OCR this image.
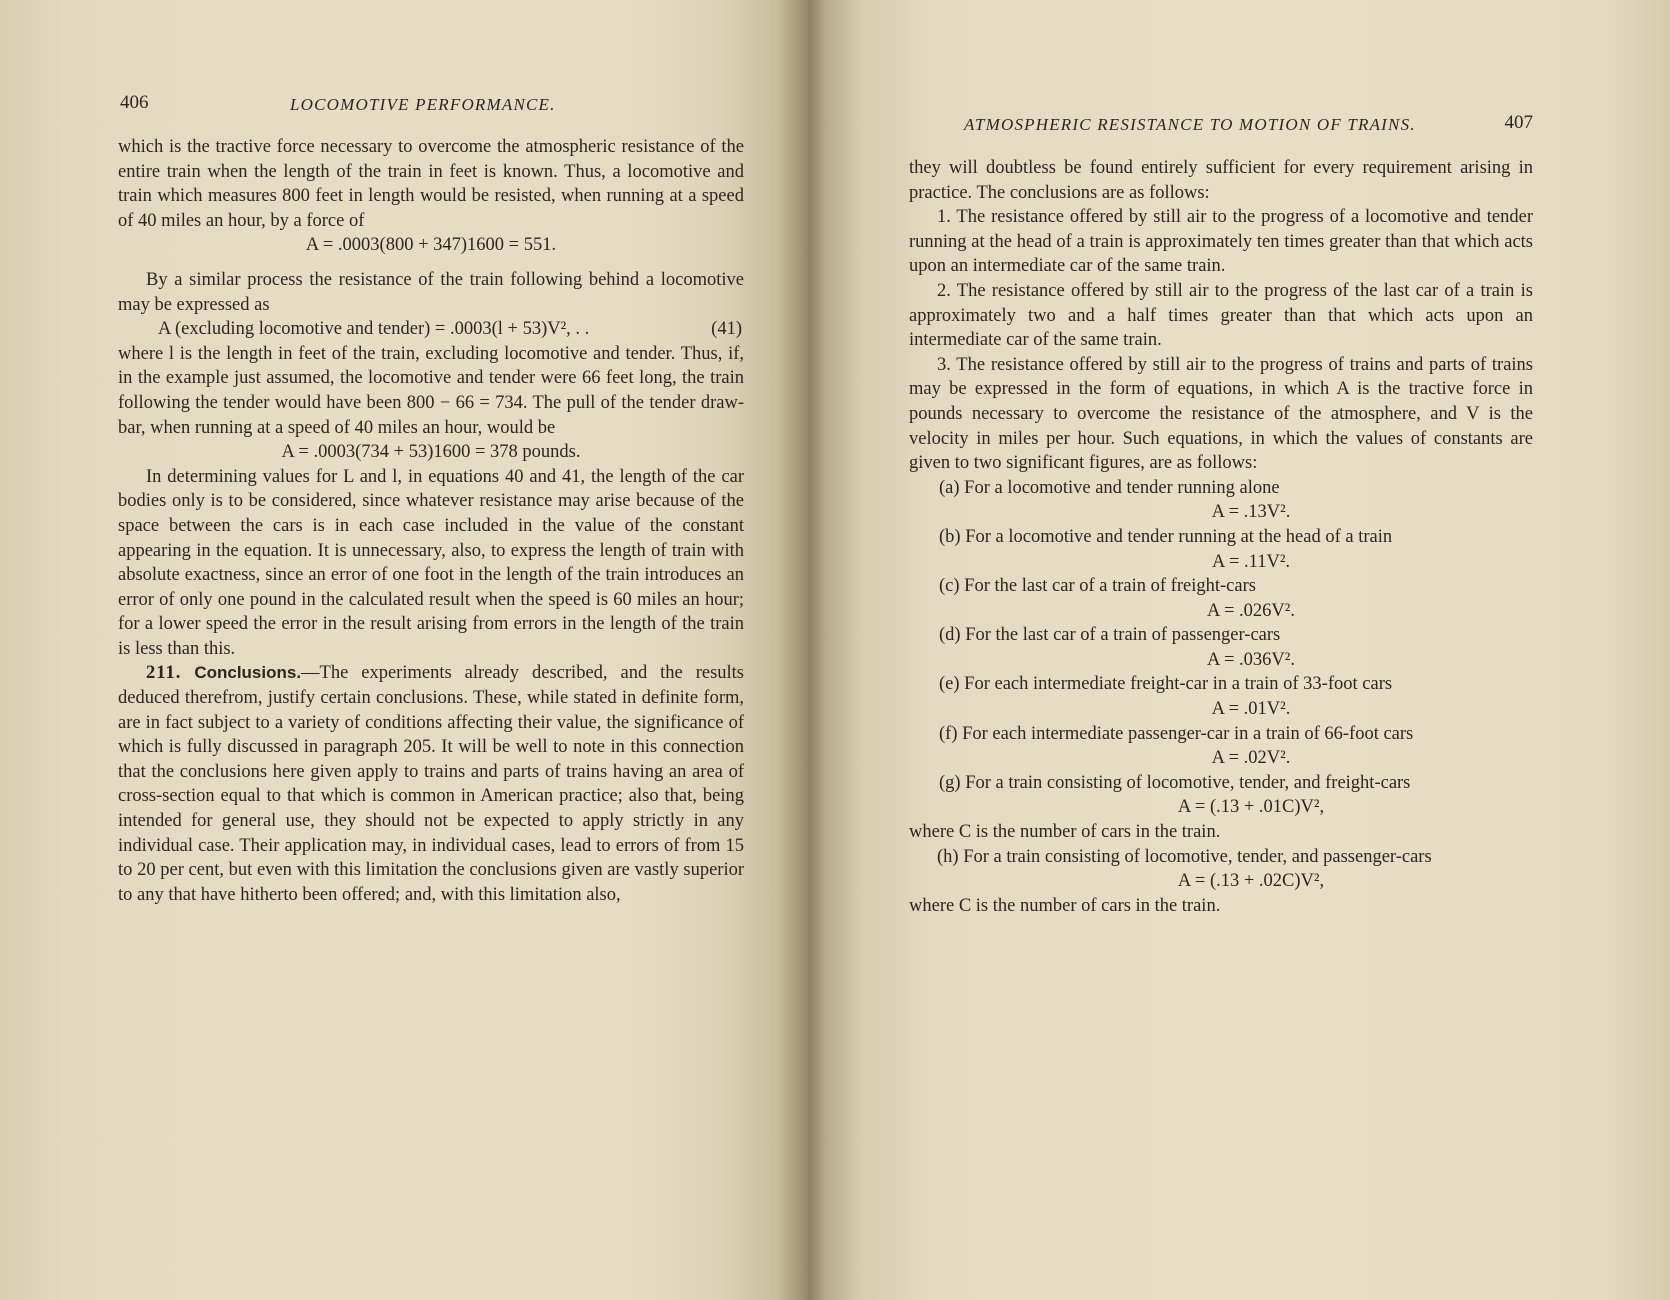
406	LOCOMOTIVE PERFORMANCE.

which is the tractive force necessary to overcome the atmospheric resistance of the entire train when the length of the train in feet is known. Thus, a locomotive and train which measures 800 feet in length would be resisted, when running at a speed of 40 miles an hour, by a force of

A = .0003(800 + 347)1600 = 551.

By a similar process the resistance of the train following behind a locomotive may be expressed as

A (excluding locomotive and tender) = .0003(l + 53)V², . .	(41)

where l is the length in feet of the train, excluding locomotive and tender. Thus, if, in the example just assumed, the locomotive and tender were 66 feet long, the train following the tender would have been 800 − 66 = 734. The pull of the tender draw-bar, when running at a speed of 40 miles an hour, would be

A = .0003(734 + 53)1600 = 378 pounds.

In determining values for L and l, in equations 40 and 41, the length of the car bodies only is to be considered, since whatever resistance may arise because of the space between the cars is in each case included in the value of the constant appearing in the equation. It is unnecessary, also, to express the length of train with absolute exactness, since an error of one foot in the length of the train introduces an error of only one pound in the calculated result when the speed is 60 miles an hour; for a lower speed the error in the result arising from errors in the length of the train is less than this.

211. Conclusions.—The experiments already described, and the results deduced therefrom, justify certain conclusions. These, while stated in definite form, are in fact subject to a variety of conditions affecting their value, the significance of which is fully discussed in paragraph 205. It will be well to note in this connection that the conclusions here given apply to trains and parts of trains having an area of cross-section equal to that which is common in American practice; also that, being intended for general use, they should not be expected to apply strictly in any individual case. Their application may, in individual cases, lead to errors of from 15 to 20 per cent, but even with this limitation the conclusions given are vastly superior to any that have hitherto been offered; and, with this limitation also,

ATMOSPHERIC RESISTANCE TO MOTION OF TRAINS.	407

they will doubtless be found entirely sufficient for every requirement arising in practice. The conclusions are as follows:

1. The resistance offered by still air to the progress of a locomotive and tender running at the head of a train is approximately ten times greater than that which acts upon an intermediate car of the same train.

2. The resistance offered by still air to the progress of the last car of a train is approximately two and a half times greater than that which acts upon an intermediate car of the same train.

3. The resistance offered by still air to the progress of trains and parts of trains may be expressed in the form of equations, in which A is the tractive force in pounds necessary to overcome the resistance of the atmosphere, and V is the velocity in miles per hour. Such equations, in which the values of constants are given to two significant figures, are as follows:

(a) For a locomotive and tender running alone

A = .13V².

(b) For a locomotive and tender running at the head of a train

A = .11V².

(c) For the last car of a train of freight-cars

A = .026V².

(d) For the last car of a train of passenger-cars

A = .036V².

(e) For each intermediate freight-car in a train of 33-foot cars

A = .01V².

(f) For each intermediate passenger-car in a train of 66-foot cars

A = .02V².

(g) For a train consisting of locomotive, tender, and freight-cars

A = (.13 + .01C)V²,

where C is the number of cars in the train.

(h) For a train consisting of locomotive, tender, and passenger-cars

A = (.13 + .02C)V²,

where C is the number of cars in the train.
